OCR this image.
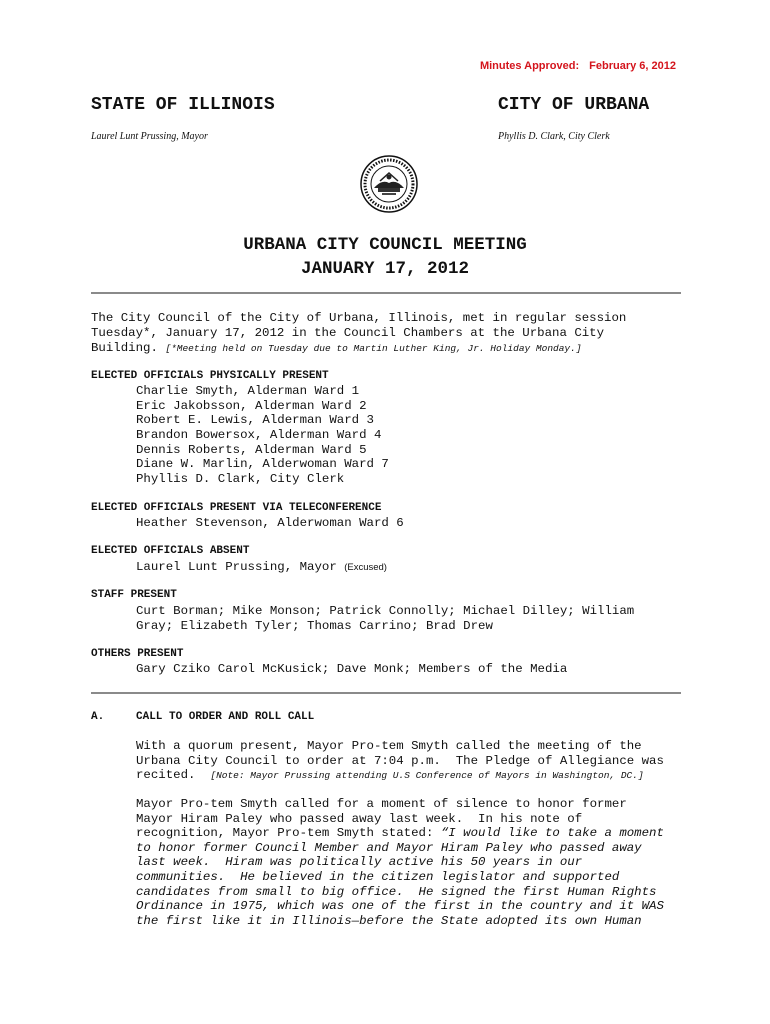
Minutes Approved: February 6, 2012
STATE OF ILLINOIS	CITY OF URBANA
Laurel Lunt Prussing, Mayor	Phyllis D. Clark, City Clerk
URBANA CITY COUNCIL MEETING
JANUARY 17, 2012
The City Council of the City of Urbana, Illinois, met in regular session
Tuesday*, January 17, 2012 in the Council Chambers at the Urbana City
Building. [*Meeting held on Tuesday due to Martin Luther King, Jr. Holiday Monday.]
ELECTED OFFICIALS PHYSICALLY PRESENT
Charlie Smyth, Alderman Ward 1
Eric Jakobsson, Alderman Ward 2
Robert E. Lewis, Alderman Ward 3
Brandon Bowersox, Alderman Ward 4
Dennis Roberts, Alderman Ward 5
Diane W. Marlin, Alderwoman Ward 7
Phyllis D. Clark, City Clerk
ELECTED OFFICIALS PRESENT VIA TELECONFERENCE
Heather Stevenson, Alderwoman Ward 6
ELECTED OFFICIALS ABSENT
Laurel Lunt Prussing, Mayor (Excused)
STAFF PRESENT
Curt Borman; Mike Monson; Patrick Connolly; Michael Dilley; William
Gray; Elizabeth Tyler; Thomas Carrino; Brad Drew
OTHERS PRESENT
Gary Cziko Carol McKusick; Dave Monk; Members of the Media
A.	CALL TO ORDER AND ROLL CALL
With a quorum present, Mayor Pro-tem Smyth called the meeting of the
Urbana City Council to order at 7:04 p.m.  The Pledge of Allegiance was
recited. [Note: Mayor Prussing attending U.S Conference of Mayors in Washington, DC.]
Mayor Pro-tem Smyth called for a moment of silence to honor former
Mayor Hiram Paley who passed away last week.  In his note of
recognition, Mayor Pro-tem Smyth stated: “I would like to take a moment
to honor former Council Member and Mayor Hiram Paley who passed away
last week.  Hiram was politically active his 50 years in our
communities.  He believed in the citizen legislator and supported
candidates from small to big office.  He signed the first Human Rights
Ordinance in 1975, which was one of the first in the country and it WAS
the first like it in Illinois—before the State adopted its own Human
